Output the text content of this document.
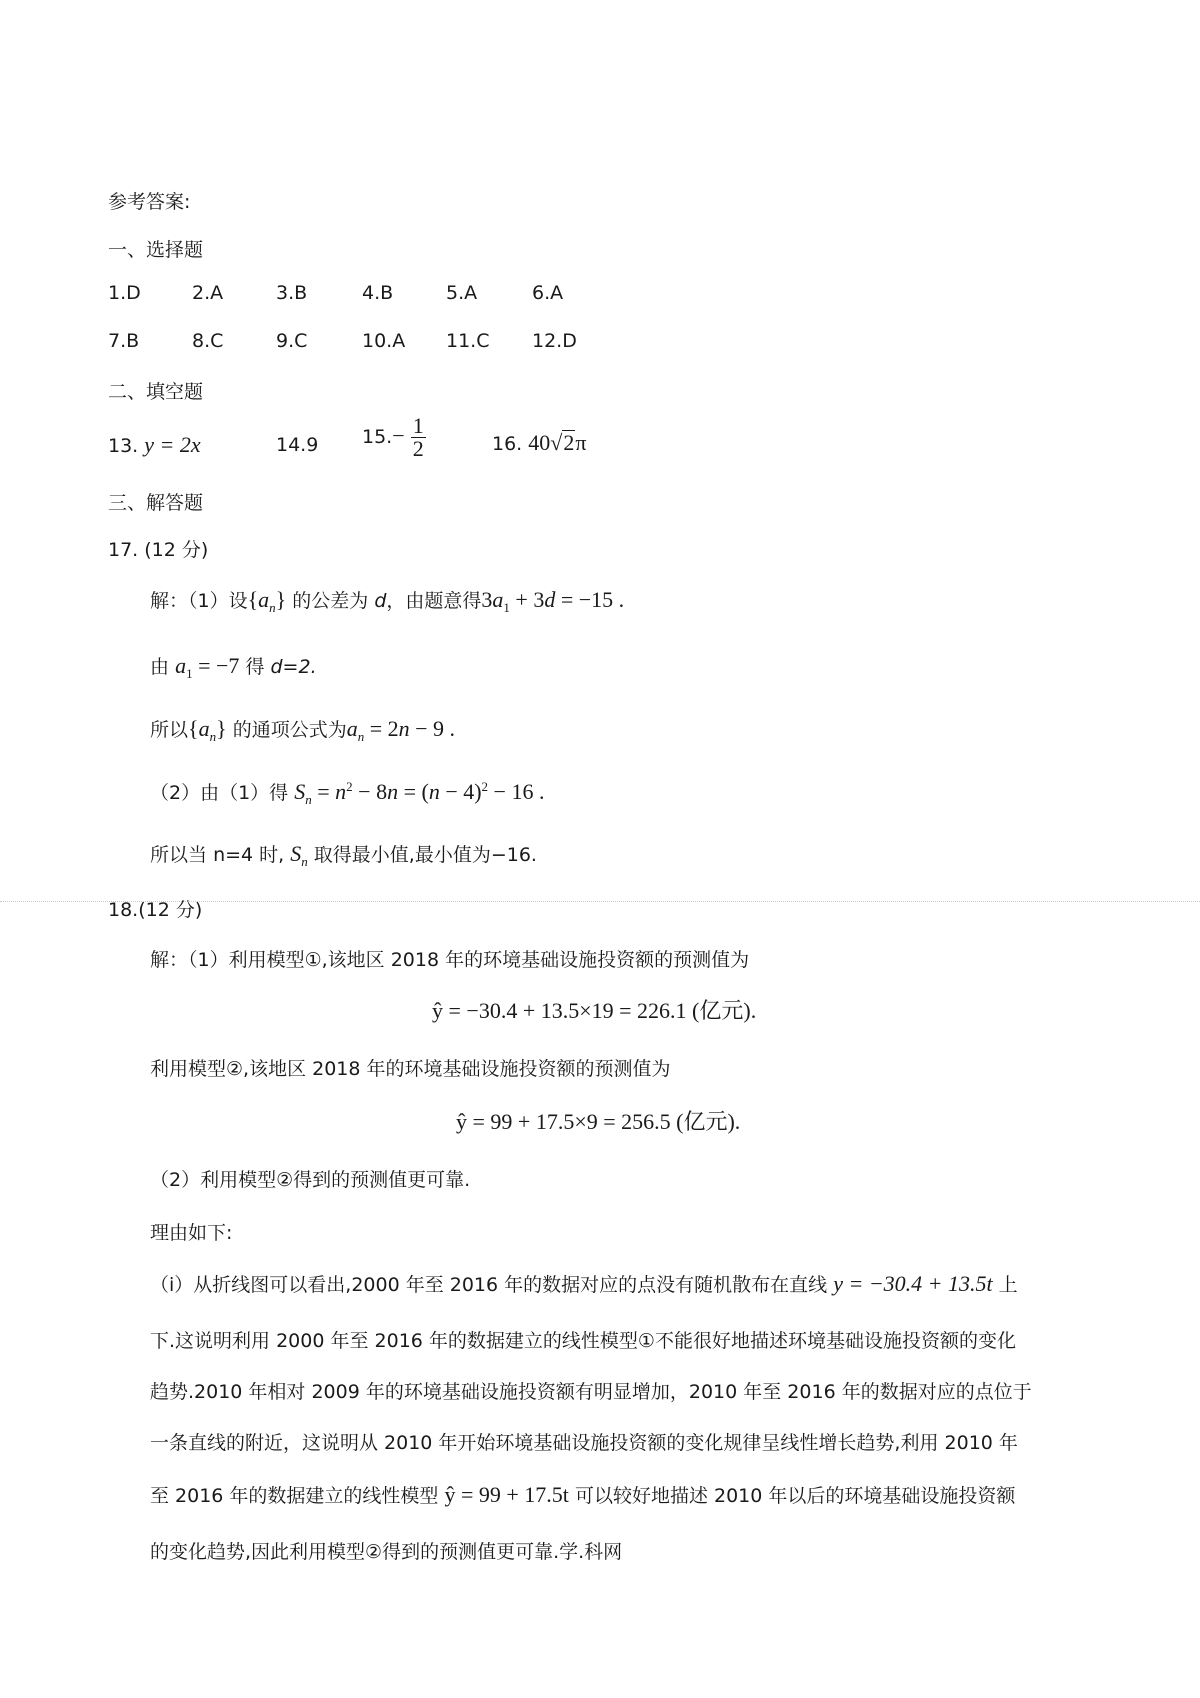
参考答案:
一、选择题
1.D	2.A	3.B	4.B	5.A	6.A
7.B	8.C	9.C	10.A 11.C 12.D
二、填空题
13. y = 2x	14.9 $15.- \frac{1}{2}$	16. 40√2π
三、解答题
17. (12 分)
解：（1）设$\{a_n\}$ 的公差为 d，由题意得$3a_1 + 3d = -15$ .
由 $a_1 = -7$ 得 d=2.
所以$\{a_n\}$ 的通项公式为$a_n = 2n - 9$ .
（2）由（1）得 $S_n = n^2 - 8n = (n - 4)^2 - 16$ .
所以当 n=4 时, $S_n$ 取得最小值,最小值为−16.
18.(12 分)
解：（1）利用模型①,该地区 2018 年的环境基础设施投资额的预测值为
ŷ = −30.4 + 13.5×19 = 226.1 (亿元).
利用模型②,该地区 2018 年的环境基础设施投资额的预测值为
ŷ = 99 + 17.5×9 = 256.5 (亿元).
（2）利用模型②得到的预测值更可靠.
理由如下:
（ⅰ）从折线图可以看出,2000 年至 2016 年的数据对应的点没有随机散布在直线 y = −30.4 + 13.5t 上
下.这说明利用 2000 年至 2016 年的数据建立的线性模型①不能很好地描述环境基础设施投资额的变化
趋势.2010 年相对 2009 年的环境基础设施投资额有明显增加，2010 年至 2016 年的数据对应的点位于
一条直线的附近，这说明从 2010 年开始环境基础设施投资额的变化规律呈线性增长趋势,利用 2010 年
至 2016 年的数据建立的线性模型 ŷ = 99 + 17.5t 可以较好地描述 2010 年以后的环境基础设施投资额
的变化趋势,因此利用模型②得到的预测值更可靠.学.科网
